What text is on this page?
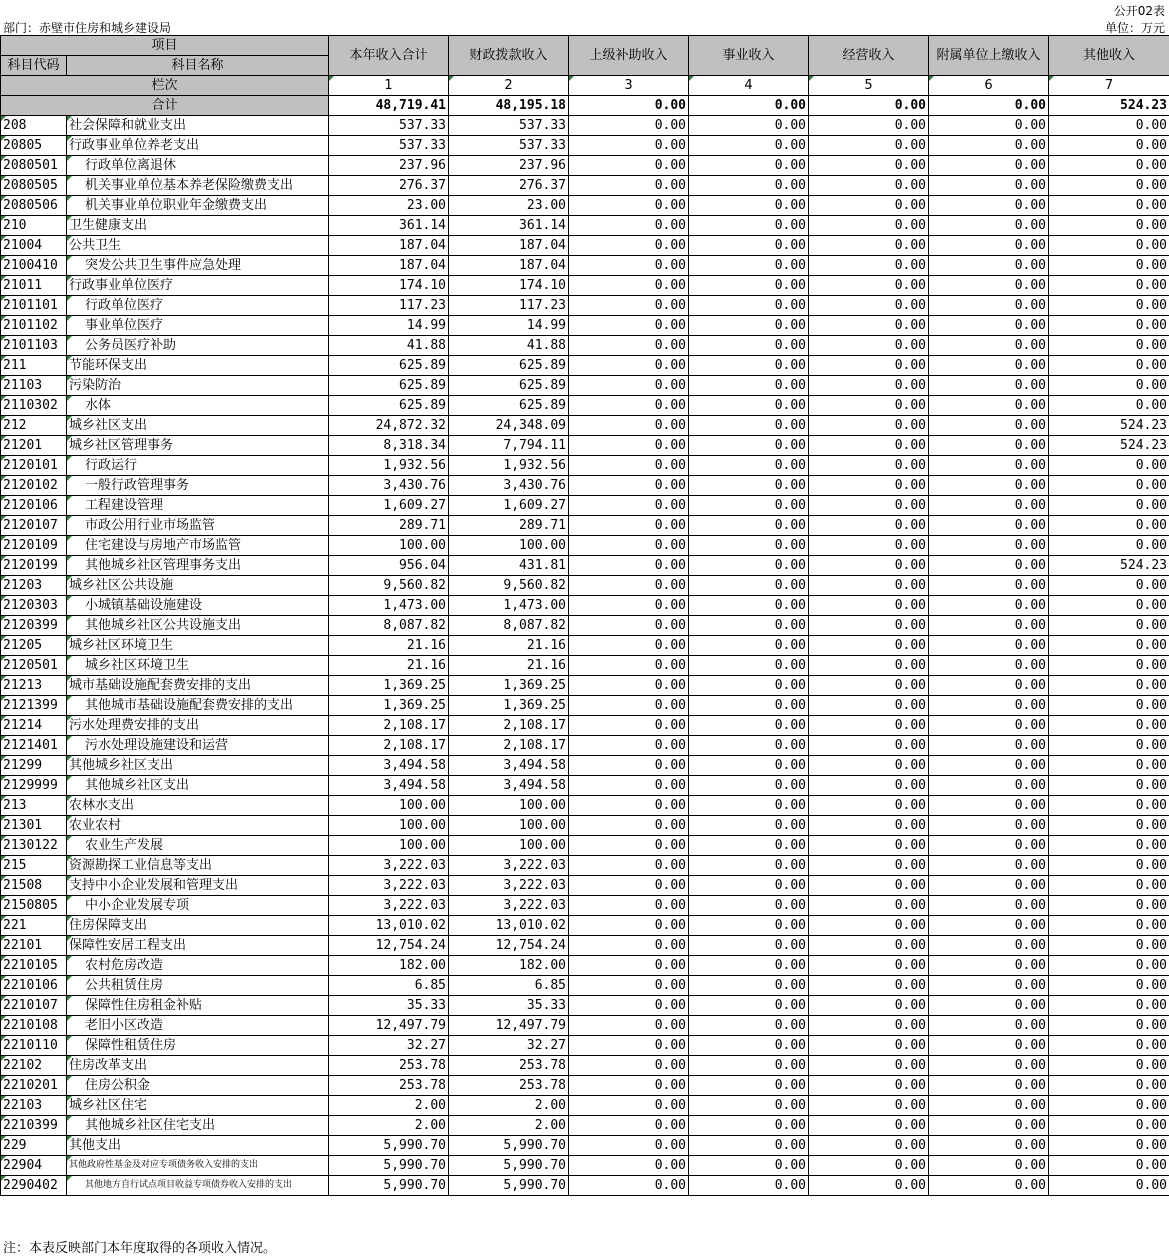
公开02表
部门：赤壁市住房和城乡建设局	单位：万元
项目		本年收入合计	财政拨款收入	上级补助收入	事业收入	经营收入	附属单位上缴收入	其他收入
科目代码	科目名称							

栏次		1	2	3	4	5	6	7
合计		48,719.41	48,195.18	0.00	0.00	0.00	0.00	524.23
208	社会保障和就业支出	537.33	537.33	0.00	0.00	0.00	0.00	0.00
20805	行政事业单位养老支出	537.33	537.33	0.00	0.00	0.00	0.00	0.00
2080501	行政单位离退休	237.96	237.96	0.00	0.00	0.00	0.00	0.00
2080505	机关事业单位基本养老保险缴费支出	276.37	276.37	0.00	0.00	0.00	0.00	0.00
2080506	机关事业单位职业年金缴费支出	23.00	23.00	0.00	0.00	0.00	0.00	0.00
210	卫生健康支出	361.14	361.14	0.00	0.00	0.00	0.00	0.00
21004	公共卫生	187.04	187.04	0.00	0.00	0.00	0.00	0.00
2100410	突发公共卫生事件应急处理	187.04	187.04	0.00	0.00	0.00	0.00	0.00
21011	行政事业单位医疗	174.10	174.10	0.00	0.00	0.00	0.00	0.00
2101101	行政单位医疗	117.23	117.23	0.00	0.00	0.00	0.00	0.00
2101102	事业单位医疗	14.99	14.99	0.00	0.00	0.00	0.00	0.00
2101103	公务员医疗补助	41.88	41.88	0.00	0.00	0.00	0.00	0.00
211	节能环保支出	625.89	625.89	0.00	0.00	0.00	0.00	0.00
21103	污染防治	625.89	625.89	0.00	0.00	0.00	0.00	0.00
2110302	水体	625.89	625.89	0.00	0.00	0.00	0.00	0.00
212	城乡社区支出	24,872.32	24,348.09	0.00	0.00	0.00	0.00	524.23
21201	城乡社区管理事务	8,318.34	7,794.11	0.00	0.00	0.00	0.00	524.23
2120101	行政运行	1,932.56	1,932.56	0.00	0.00	0.00	0.00	0.00
2120102	一般行政管理事务	3,430.76	3,430.76	0.00	0.00	0.00	0.00	0.00
2120106	工程建设管理	1,609.27	1,609.27	0.00	0.00	0.00	0.00	0.00
2120107	市政公用行业市场监管	289.71	289.71	0.00	0.00	0.00	0.00	0.00
2120109	住宅建设与房地产市场监管	100.00	100.00	0.00	0.00	0.00	0.00	0.00
2120199	其他城乡社区管理事务支出	956.04	431.81	0.00	0.00	0.00	0.00	524.23
21203	城乡社区公共设施	9,560.82	9,560.82	0.00	0.00	0.00	0.00	0.00
2120303	小城镇基础设施建设	1,473.00	1,473.00	0.00	0.00	0.00	0.00	0.00
2120399	其他城乡社区公共设施支出	8,087.82	8,087.82	0.00	0.00	0.00	0.00	0.00
21205	城乡社区环境卫生	21.16	21.16	0.00	0.00	0.00	0.00	0.00
2120501	城乡社区环境卫生	21.16	21.16	0.00	0.00	0.00	0.00	0.00
21213	城市基础设施配套费安排的支出	1,369.25	1,369.25	0.00	0.00	0.00	0.00	0.00
2121399	其他城市基础设施配套费安排的支出	1,369.25	1,369.25	0.00	0.00	0.00	0.00	0.00
21214	污水处理费安排的支出	2,108.17	2,108.17	0.00	0.00	0.00	0.00	0.00
2121401	污水处理设施建设和运营	2,108.17	2,108.17	0.00	0.00	0.00	0.00	0.00
21299	其他城乡社区支出	3,494.58	3,494.58	0.00	0.00	0.00	0.00	0.00
2129999	其他城乡社区支出	3,494.58	3,494.58	0.00	0.00	0.00	0.00	0.00
213	农林水支出	100.00	100.00	0.00	0.00	0.00	0.00	0.00
21301	农业农村	100.00	100.00	0.00	0.00	0.00	0.00	0.00
2130122	农业生产发展	100.00	100.00	0.00	0.00	0.00	0.00	0.00
215	资源勘探工业信息等支出	3,222.03	3,222.03	0.00	0.00	0.00	0.00	0.00
21508	支持中小企业发展和管理支出	3,222.03	3,222.03	0.00	0.00	0.00	0.00	0.00
2150805	中小企业发展专项	3,222.03	3,222.03	0.00	0.00	0.00	0.00	0.00
221	住房保障支出	13,010.02	13,010.02	0.00	0.00	0.00	0.00	0.00
22101	保障性安居工程支出	12,754.24	12,754.24	0.00	0.00	0.00	0.00	0.00
2210105	农村危房改造	182.00	182.00	0.00	0.00	0.00	0.00	0.00
2210106	公共租赁住房	6.85	6.85	0.00	0.00	0.00	0.00	0.00
2210107	保障性住房租金补贴	35.33	35.33	0.00	0.00	0.00	0.00	0.00
2210108	老旧小区改造	12,497.79	12,497.79	0.00	0.00	0.00	0.00	0.00
2210110	保障性租赁住房	32.27	32.27	0.00	0.00	0.00	0.00	0.00
22102	住房改革支出	253.78	253.78	0.00	0.00	0.00	0.00	0.00
2210201	住房公积金	253.78	253.78	0.00	0.00	0.00	0.00	0.00
22103	城乡社区住宅	2.00	2.00	0.00	0.00	0.00	0.00	0.00
2210399	其他城乡社区住宅支出	2.00	2.00	0.00	0.00	0.00	0.00	0.00
229	其他支出	5,990.70	5,990.70	0.00	0.00	0.00	0.00	0.00
22904	其他政府性基金及对应专项债务收入安排的支出	5,990.70	5,990.70	0.00	0.00	0.00	0.00	0.00
2290402	其他地方自行试点项目收益专项债券收入安排的支出	5,990.70	5,990.70	0.00	0.00	0.00	0.00	0.00
注：本表反映部门本年度取得的各项收入情况。
